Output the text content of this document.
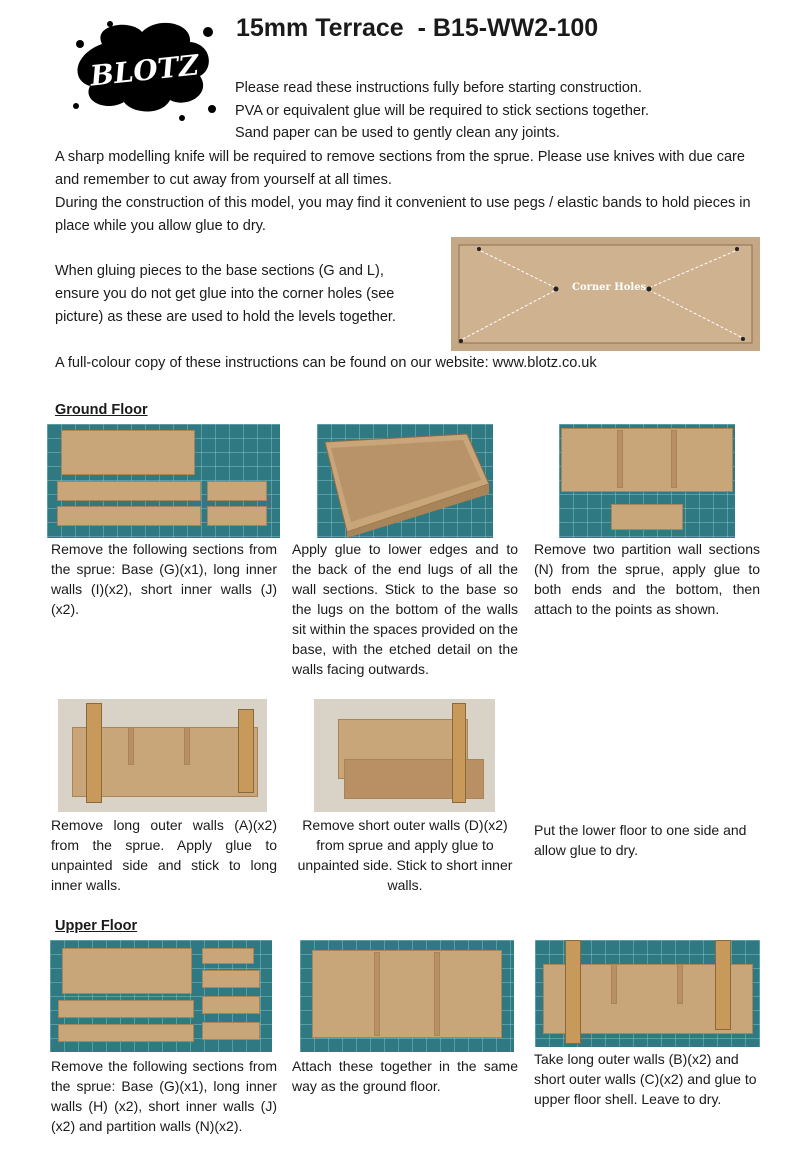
BLOTZ
15mm Terrace  - B15-WW2-100
Please read these instructions fully before starting construction.
PVA or equivalent glue will be required to stick sections together.
Sand paper can be used to gently clean any joints.
A sharp modelling knife will be required to remove sections from the sprue. Please use knives with due care and remember to cut away from yourself at all times.
During the construction of this model, you may find it convenient to use pegs / elastic bands to hold pieces in place while you allow glue to dry.
When gluing pieces to the base sections (G and L), ensure you do not get glue into the corner holes (see picture) as these are used to hold the levels together.
Corner Holes
A full-colour copy of these instructions can be found on our website: www.blotz.co.uk
Ground Floor
Remove the following sections from the sprue: Base (G)(x1), long inner walls (I)(x2), short inner walls (J)(x2).
Apply glue to lower edges and to the back of the end lugs of all the wall sections. Stick to the base so the lugs on the bottom of the walls sit within the spaces provided on the base, with the etched detail on the walls facing outwards.
Remove two partition wall sections (N) from the sprue, apply glue to both ends and the bottom, then attach to the points as shown.
Remove long outer walls (A)(x2) from the sprue. Apply glue to unpainted side and stick to long inner walls.
Remove short outer walls (D)(x2) from sprue and apply glue to unpainted side. Stick to short inner walls.
Put the lower floor to one side and allow glue to dry.
Upper Floor
Remove the following sections from the sprue: Base (G)(x1), long inner walls (H) (x2), short inner walls (J)(x2) and partition walls (N)(x2).
Attach these together in the same way as the ground floor.
Take long outer walls (B)(x2) and short outer walls (C)(x2) and glue to upper floor shell. Leave to dry.
